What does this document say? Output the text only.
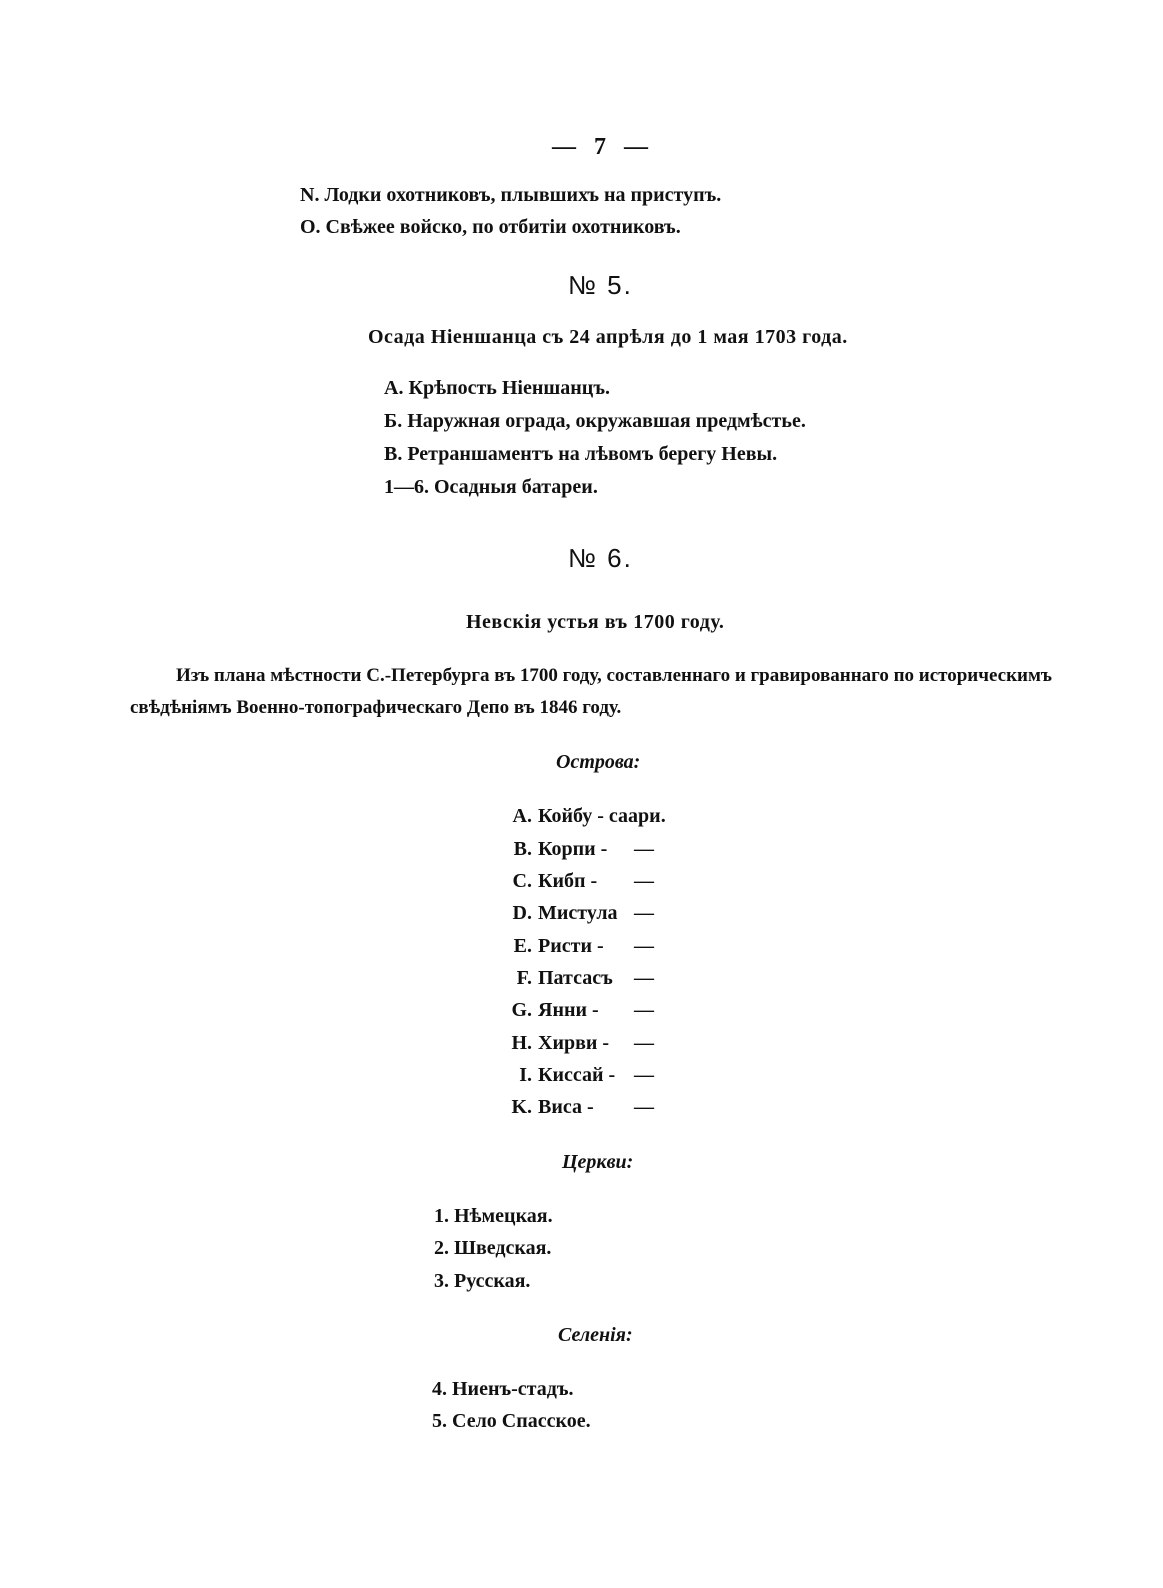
— 7 —
N. Лодки охотниковъ, плывшихъ на приступъ.
О. Свѣжее войско, по отбитіи охотниковъ.
№ 5.
Осада Ніеншанца съ 24 апрѣля до 1 мая 1703 года.
А. Крѣпость Ніеншанцъ.
Б. Наружная ограда, окружавшая предмѣстье.
В. Ретраншаментъ на лѣвомъ берегу Невы.
1—6. Осадныя батареи.
№ 6.
Невскія устья въ 1700 году.
Изъ плана мѣстности С.-Петербурга въ 1700 году, составленнаго и гравированнаго по историческимъ
свѣдѣніямъ Военно-топографическаго Депо въ 1846 году.
Острова:
A. Койбу - саари.
B. Корпи - —
C. Кибп - —
D. Мистула —
E. Ристи - —
F. Патсасъ —
G. Янни - —
H. Хирви - —
I. Киссай - —
K. Виса - —
Церкви:
1. Нѣмецкая.
2. Шведская.
3. Русская.
Селенія:
4. Ниенъ-стадъ.
5. Село Спасское.
